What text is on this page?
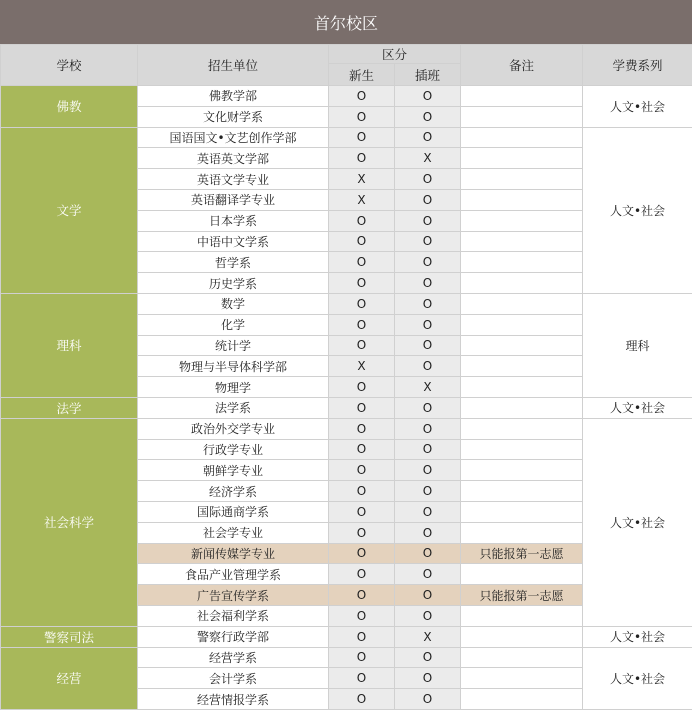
首尔校区
学校	招生单位	区分		备注	学费系列
		新生	插班		
佛教	佛教学部	O	O		人文•社会
	文化财学系	O	O		
文学	国语国文•文艺创作学部	O	O		人文•社会
	英语英文学部	O	X		
	英语文学专业	X	O		
	英语翻译学专业	X	O		
	日本学系	O	O		
	中语中文学系	O	O		
	哲学系	O	O		
	历史学系	O	O		
理科	数学	O	O		理科
	化学	O	O		
	统计学	O	O		
	物理与半导体科学部	X	O		
	物理学	O	X		
法学	法学系	O	O		人文•社会
社会科学	政治外交学专业	O	O		人文•社会
	行政学专业	O	O		
	朝鲜学专业	O	O		
	经济学系	O	O		
	国际通商学系	O	O		
	社会学专业	O	O		
	新闻传媒学专业	O	O	只能报第一志愿	
	食品产业管理学系	O	O		
	广告宣传学系	O	O	只能报第一志愿	
	社会福利学系	O	O		
警察司法	警察行政学部	O	X		人文•社会
经营	经营学系	O	O		人文•社会
	会计学系	O	O		
	经营情报学系	O	O		
